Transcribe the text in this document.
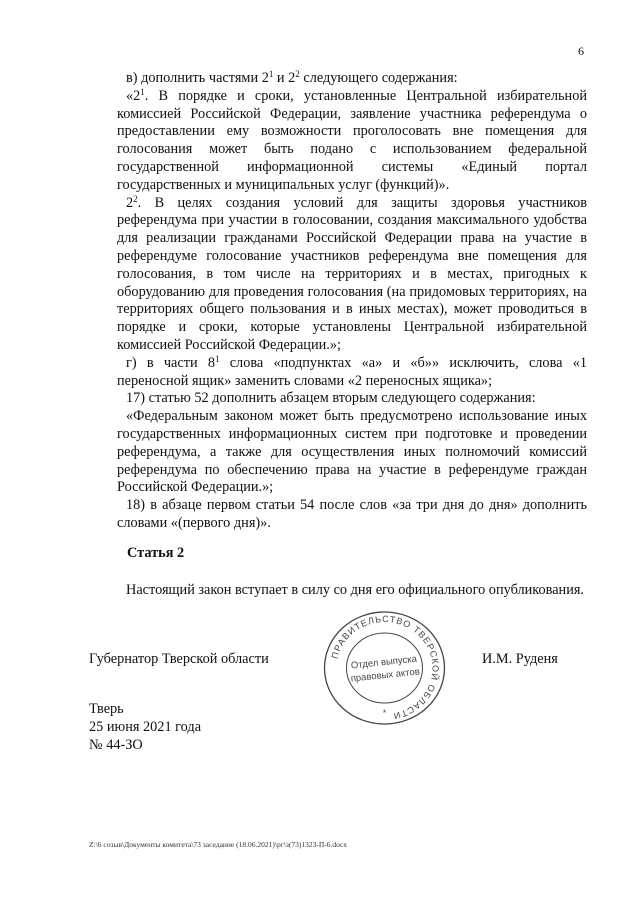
6

в) дополнить частями $2^1$ и $2^2$ следующего содержания:

«$2^1$. В порядке и сроки, установленные Центральной избирательной комиссией Российской Федерации, заявление участника референдума о предоставлении ему возможности проголосовать вне помещения для голосования может быть подано с использованием федеральной государственной информационной системы «Единый портал государственных и муниципальных услуг (функций)».

$2^2$. В целях создания условий для защиты здоровья участников референдума при участии в голосовании, создания максимального удобства для реализации гражданами Российской Федерации права на участие в референдуме голосование участников референдума вне помещения для голосования, в том числе на территориях и в местах, пригодных к оборудованию для проведения голосования (на придомовых территориях, на территориях общего пользования и в иных местах), может проводиться в порядке и сроки, которые установлены Центральной избирательной комиссией Российской Федерации.»;

г) в части $8^1$ слова «подпунктах «а» и «б»» исключить, слова «1 переносной ящик» заменить словами «2 переносных ящика»;

17) статью 52 дополнить абзацем вторым следующего содержания:

«Федеральным законом может быть предусмотрено использование иных государственных информационных систем при подготовке и проведении референдума, а также для осуществления иных полномочий комиссий референдума по обеспечению права на участие в референдуме граждан Российской Федерации.»;

18) в абзаце первом статьи 54 после слов «за три дня до дня» дополнить словами «(первого дня)».

Статья 2

Настоящий закон вступает в силу со дня его официального опубликования.

Губернатор Тверской области	И.М. Руденя
Тверь
25 июня 2021 года
№ 44-ЗО
ПРАВИТЕЛЬСТВО ТВЕРСКОЙ ОБЛАСТИ
Отдел выпуска
правовых актов
*
Z:\6 созыв\Документы комитета\73 заседание (18.06.2021)\рг\з(73)1323-П-6.docx
